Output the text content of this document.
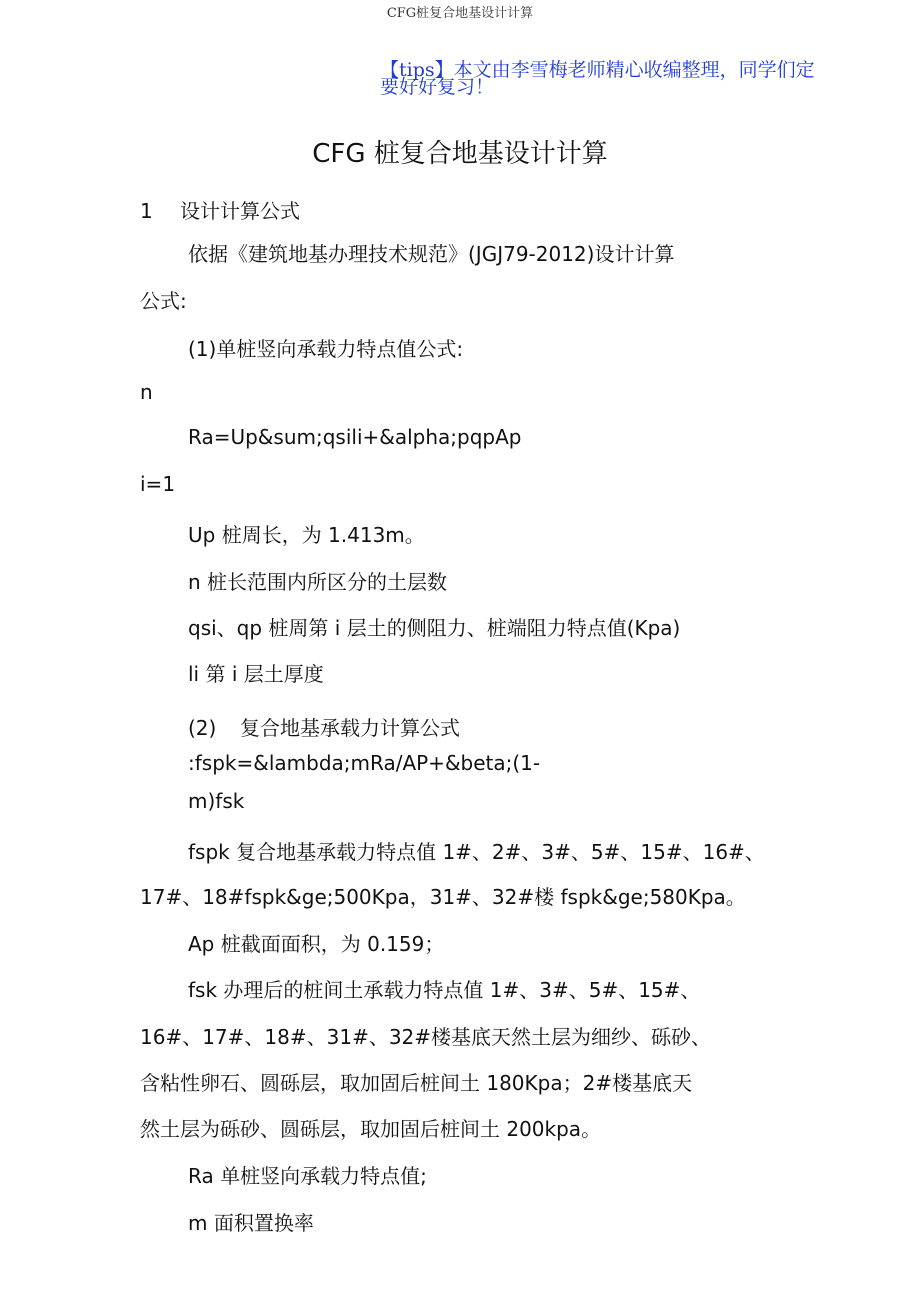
CFG桩复合地基设计计算
【tips】本文由李雪梅老师精心收编整理，同学们定
要好好复习！
CFG 桩复合地基设计计算
1 设计计算公式
依据《建筑地基办理技术规范》(JGJ79-2012)设计计算
公式:
(1)单桩竖向承载力特点值公式:
n
Ra=Up&sum;qsili+&alpha;pqpAp
i=1
Up 桩周长，为 1.413m。
n 桩长范围内所区分的土层数
qsi、qp 桩周第 i 层土的侧阻力、桩端阻力特点值(Kpa)
li 第 i 层土厚度
(2) 复合地基承载力计算公式
:fspk=&lambda;mRa/AP+&beta;(1-
m)fsk
fspk 复合地基承载力特点值 1#、2#、3#、5#、15#、16#、
17#、18#fspk&ge;500Kpa，31#、32#楼 fspk&ge;580Kpa。
Ap 桩截面面积，为 0.159；
fsk 办理后的桩间土承载力特点值 1#、3#、5#、15#、
16#、17#、18#、31#、32#楼基底天然土层为细纱、砾砂、
含粘性卵石、圆砾层，取加固后桩间土 180Kpa；2#楼基底天
然土层为砾砂、圆砾层，取加固后桩间土 200kpa。
Ra 单桩竖向承载力特点值;
m 面积置换率
